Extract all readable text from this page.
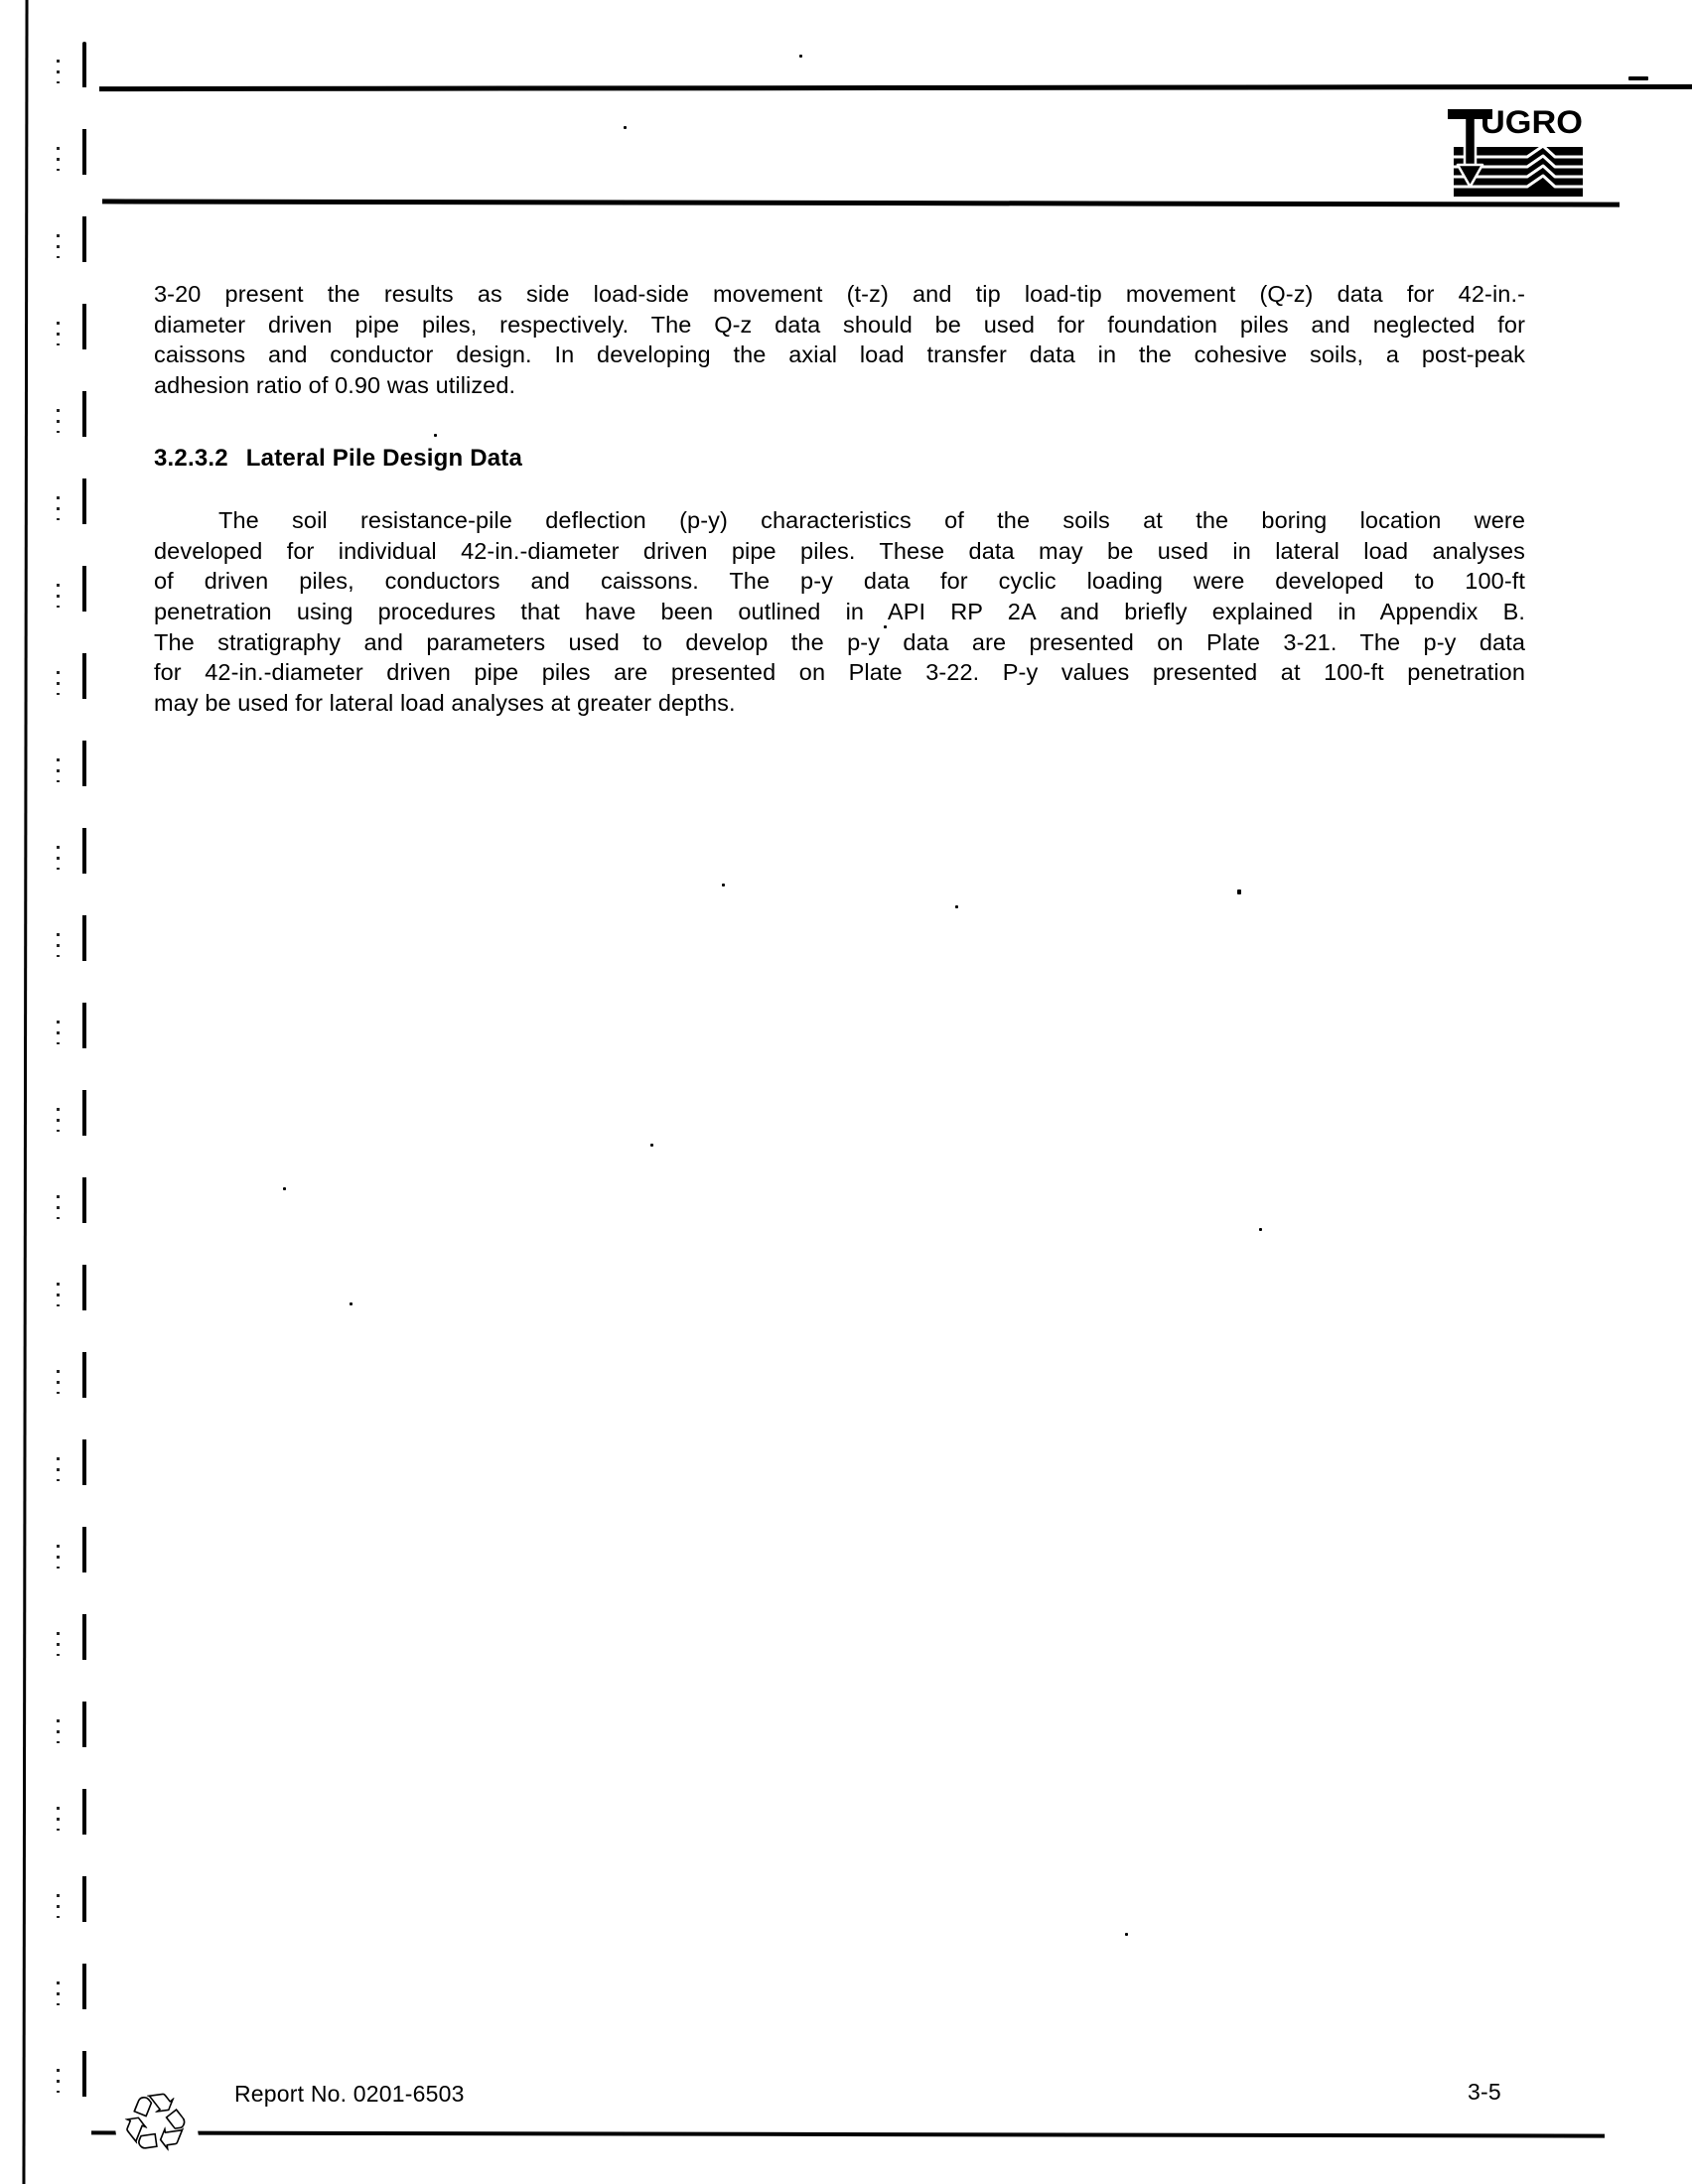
UGRO
3-20 present the results as side load-side movement (t-z) and tip load-tip movement (Q-z) data for 42-in.-
diameter driven pipe piles, respectively. The Q-z data should be used for foundation piles and neglected for
caissons and conductor design. In developing the axial load transfer data in the cohesive soils, a post-peak
adhesion ratio of 0.90 was utilized.
3.2.3.2 Lateral Pile Design Data
The soil resistance-pile deflection (p-y) characteristics of the soils at the boring location were
developed for individual 42-in.-diameter driven pipe piles. These data may be used in lateral load analyses
of driven piles, conductors and caissons. The p-y data for cyclic loading were developed to 100-ft
penetration using procedures that have been outlined in API RP 2A and briefly explained in Appendix B.
The stratigraphy and parameters used to develop the p-y data are presented on Plate 3-21. The p-y data
for 42-in.-diameter driven pipe piles are presented on Plate 3-22. P-y values presented at 100-ft penetration
may be used for lateral load analyses at greater depths.
Report No. 0201-6503	3-5
♲
